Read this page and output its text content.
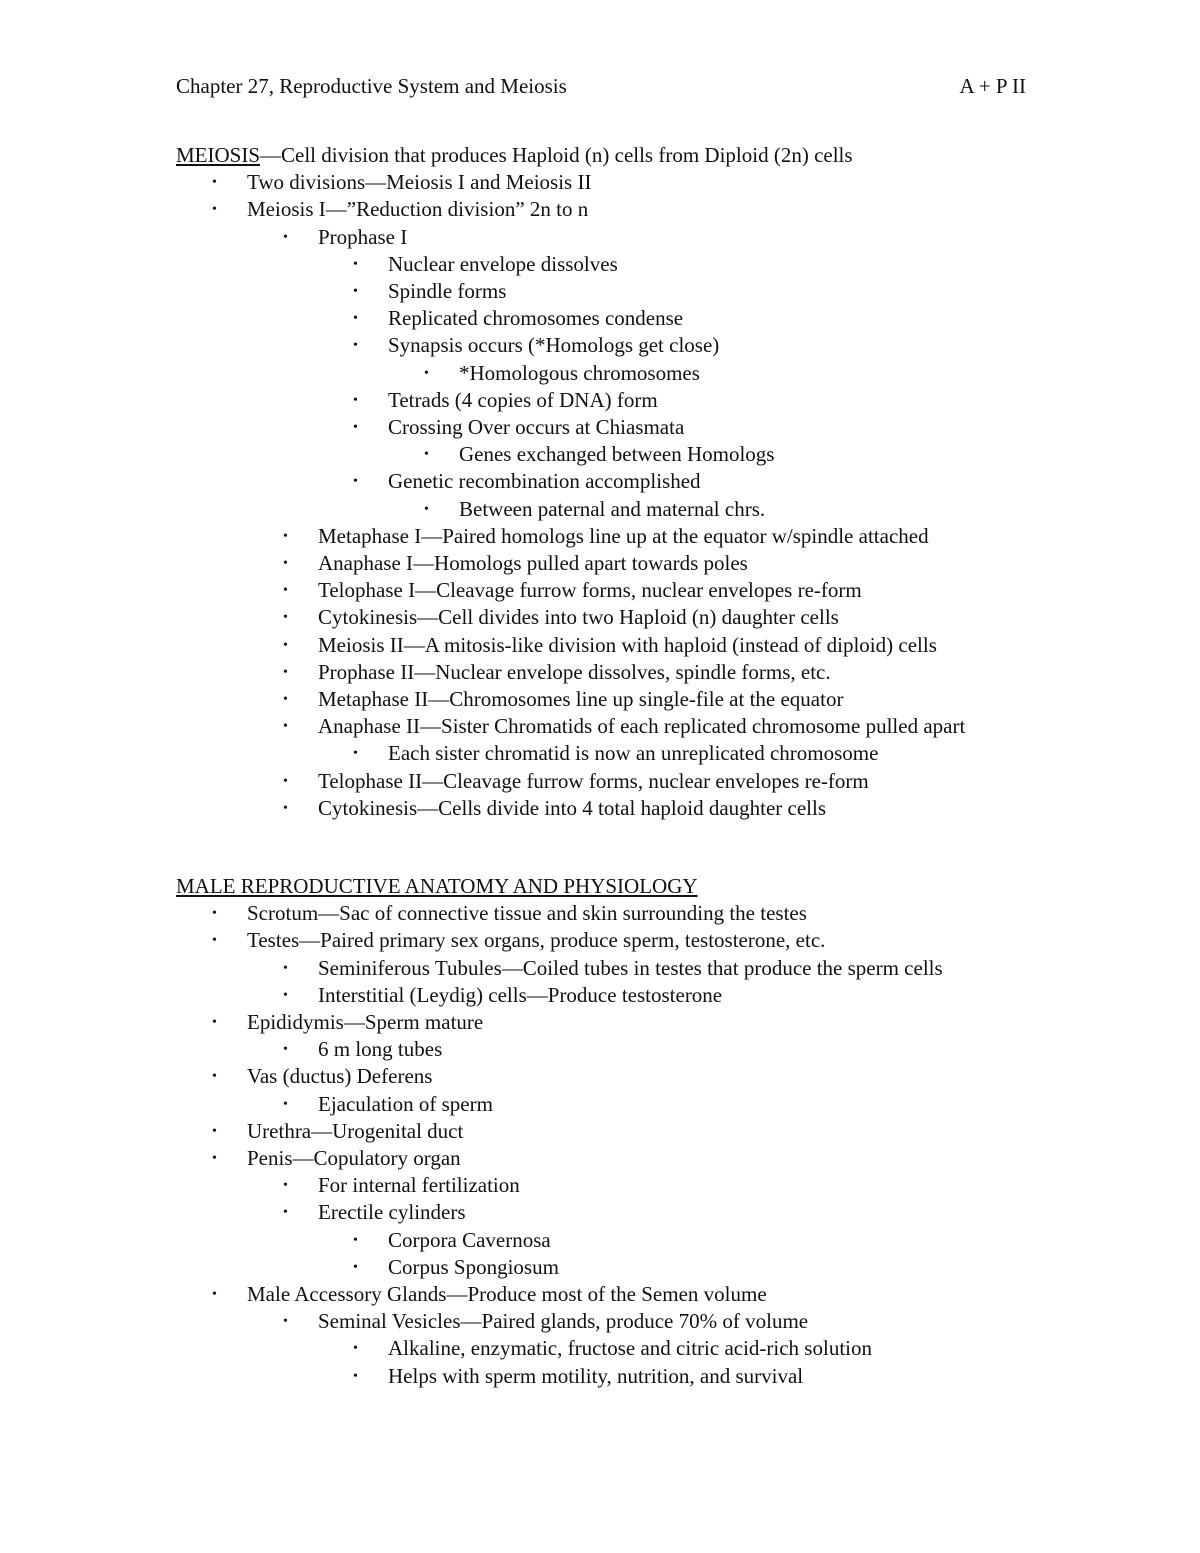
Chapter 27, Reproductive System and Meiosis	A + P II
MEIOSIS—Cell division that produces Haploid (n) cells from Diploid (2n) cells
• Two divisions—Meiosis I and Meiosis II
• Meiosis I—”Reduction division” 2n to n
• Prophase I
• Nuclear envelope dissolves
• Spindle forms
• Replicated chromosomes condense
• Synapsis occurs (*Homologs get close)
• *Homologous chromosomes
• Tetrads (4 copies of DNA) form
• Crossing Over occurs at Chiasmata
• Genes exchanged between Homologs
• Genetic recombination accomplished
• Between paternal and maternal chrs.
• Metaphase I—Paired homologs line up at the equator w/spindle attached
• Anaphase I—Homologs pulled apart towards poles
• Telophase I—Cleavage furrow forms, nuclear envelopes re-form
• Cytokinesis—Cell divides into two Haploid (n) daughter cells
• Meiosis II—A mitosis-like division with haploid (instead of diploid) cells
• Prophase II—Nuclear envelope dissolves, spindle forms, etc.
• Metaphase II—Chromosomes line up single-file at the equator
• Anaphase II—Sister Chromatids of each replicated chromosome pulled apart
• Each sister chromatid is now an unreplicated chromosome
• Telophase II—Cleavage furrow forms, nuclear envelopes re-form
• Cytokinesis—Cells divide into 4 total haploid daughter cells
MALE REPRODUCTIVE ANATOMY AND PHYSIOLOGY
• Scrotum—Sac of connective tissue and skin surrounding the testes
• Testes—Paired primary sex organs, produce sperm, testosterone, etc.
• Seminiferous Tubules—Coiled tubes in testes that produce the sperm cells
• Interstitial (Leydig) cells—Produce testosterone
• Epididymis—Sperm mature
• 6 m long tubes
• Vas (ductus) Deferens
• Ejaculation of sperm
• Urethra—Urogenital duct
• Penis—Copulatory organ
• For internal fertilization
• Erectile cylinders
• Corpora Cavernosa
• Corpus Spongiosum
• Male Accessory Glands—Produce most of the Semen volume
• Seminal Vesicles—Paired glands, produce 70% of volume
• Alkaline, enzymatic, fructose and citric acid-rich solution
• Helps with sperm motility, nutrition, and survival
